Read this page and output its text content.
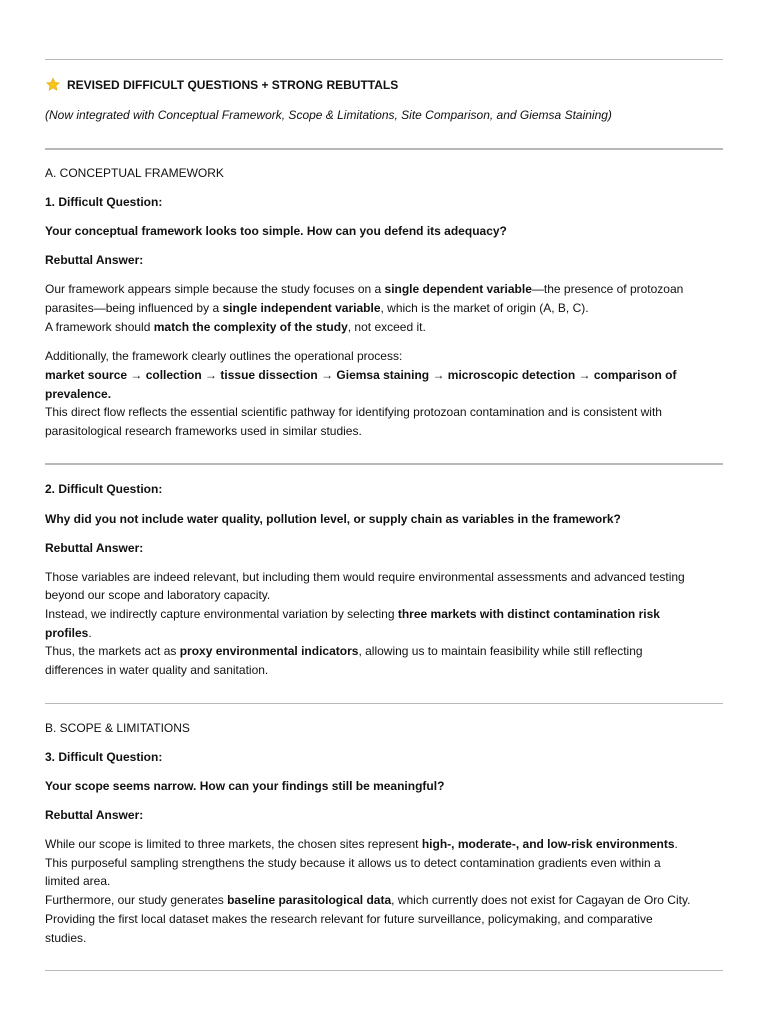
REVISED DIFFICULT QUESTIONS + STRONG REBUTTALS
(Now integrated with Conceptual Framework, Scope & Limitations, Site Comparison, and Giemsa Staining)
A. CONCEPTUAL FRAMEWORK
1. Difficult Question:
Your conceptual framework looks too simple. How can you defend its adequacy?
Rebuttal Answer:
Our framework appears simple because the study focuses on a single dependent variable—the presence of protozoan
parasites—being influenced by a single independent variable, which is the market of origin (A, B, C).
A framework should match the complexity of the study, not exceed it.
Additionally, the framework clearly outlines the operational process:
market source → collection → tissue dissection → Giemsa staining → microscopic detection → comparison of
prevalence.
This direct flow reflects the essential scientific pathway for identifying protozoan contamination and is consistent with
parasitological research frameworks used in similar studies.
2. Difficult Question:
Why did you not include water quality, pollution level, or supply chain as variables in the framework?
Rebuttal Answer:
Those variables are indeed relevant, but including them would require environmental assessments and advanced testing
beyond our scope and laboratory capacity.
Instead, we indirectly capture environmental variation by selecting three markets with distinct contamination risk
profiles.
Thus, the markets act as proxy environmental indicators, allowing us to maintain feasibility while still reflecting
differences in water quality and sanitation.
B. SCOPE & LIMITATIONS
3. Difficult Question:
Your scope seems narrow. How can your findings still be meaningful?
Rebuttal Answer:
While our scope is limited to three markets, the chosen sites represent high-, moderate-, and low-risk environments.
This purposeful sampling strengthens the study because it allows us to detect contamination gradients even within a
limited area.
Furthermore, our study generates baseline parasitological data, which currently does not exist for Cagayan de Oro City.
Providing the first local dataset makes the research relevant for future surveillance, policymaking, and comparative
studies.
